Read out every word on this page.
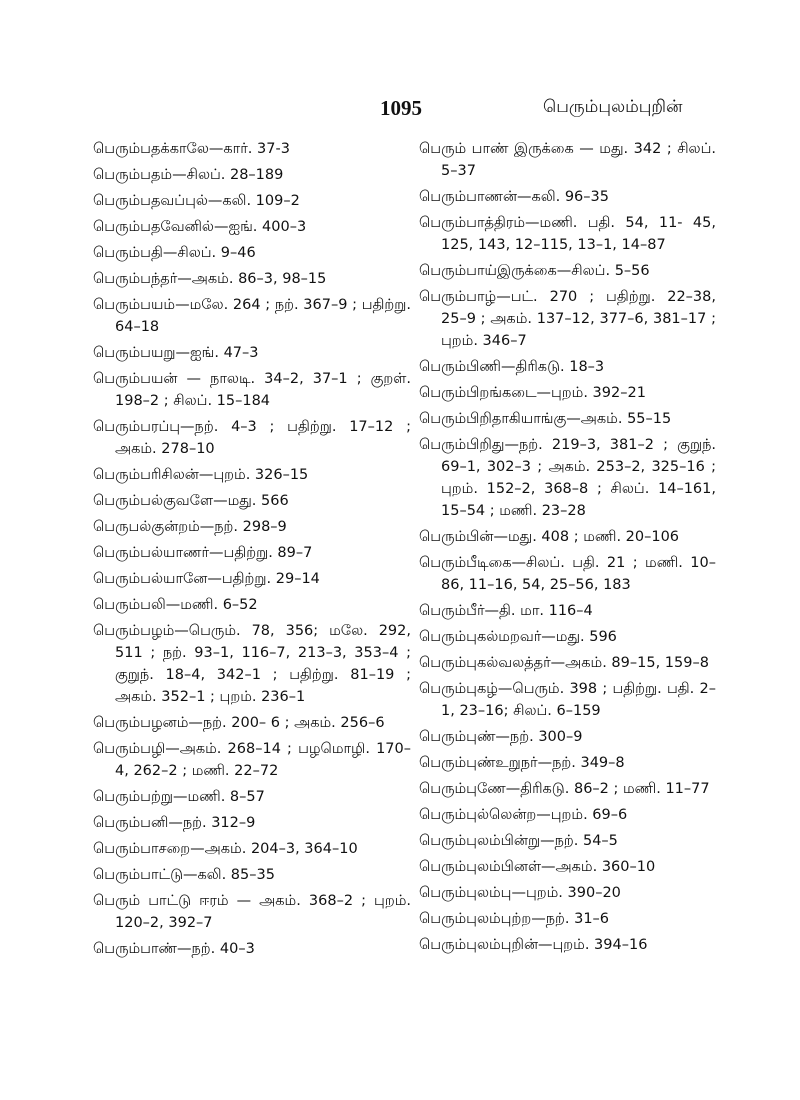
1095	பெரும்புலம்புறின்
பெரும்பதக்காலே—கார். 37-3
பெரும்பதம்—சிலப். 28–189
பெரும்பதவப்புல்—கலி. 109–2
பெரும்பதவேனில்—ஐங். 400–3
பெரும்பதி—சிலப். 9–46
பெரும்பந்தர்—அகம். 86–3, 98–15
பெரும்பயம்—மலே. 264 ; நற். 367–9 ; பதிற்று. 64–18
பெரும்பயறு—ஐங். 47–3
பெரும்பயன் — நாலடி. 34–2, 37–1 ; குறள். 198–2 ; சிலப். 15–184
பெரும்பரப்பு—நற். 4–3 ; பதிற்று. 17–12 ; அகம். 278–10
பெரும்பரிசிலன்—புறம். 326–15
பெரும்பல்குவளே—மது. 566
பெருபல்குன்றம்—நற். 298–9
பெரும்பல்யாணர்—பதிற்று. 89–7
பெரும்பல்யானே—பதிற்று. 29–14
பெரும்பலி—மணி. 6–52
பெரும்பழம்—பெரும். 78, 356; மலே. 292, 511 ; நற். 93–1, 116–7, 213–3, 353–4 ; குறுந். 18–4, 342–1 ; பதிற்று. 81–19 ; அகம். 352–1 ; புறம். 236–1
பெரும்பழனம்—நற். 200– 6 ; அகம். 256–6
பெரும்பழி—அகம். 268–14 ; பழமொழி. 170–4, 262–2 ; மணி. 22–72
பெரும்பற்று—மணி. 8–57
பெரும்பனி—நற். 312–9
பெரும்பாசறை—அகம். 204–3, 364–10
பெரும்பாட்டு—கலி. 85–35
பெரும் பாட்டு ஈரம் — அகம். 368–2 ; புறம். 120–2, 392–7
பெரும்பாண்—நற். 40–3
பெரும் பாண் இருக்கை — மது. 342 ; சிலப். 5–37
பெரும்பாணன்—கலி. 96–35
பெரும்பாத்திரம்—மணி. பதி. 54, 11- 45, 125, 143, 12–115, 13–1, 14–87
பெரும்பாய்இருக்கை—சிலப். 5–56
பெரும்பாழ்—பட். 270 ; பதிற்று. 22–38, 25–9 ; அகம். 137–12, 377–6, 381–17 ; புறம். 346–7
பெரும்பிணி—திரிகடு. 18–3
பெரும்பிறங்கடை—புறம். 392–21
பெரும்பிறிதாகியாங்கு—அகம். 55–15
பெரும்பிறிது—நற். 219–3, 381–2 ; குறுந். 69–1, 302–3 ; அகம். 253–2, 325–16 ; புறம். 152–2, 368–8 ; சிலப். 14–161, 15–54 ; மணி. 23–28
பெரும்பின்—மது. 408 ; மணி. 20–106
பெரும்பீடிகை—சிலப். பதி. 21 ; மணி. 10–86, 11–16, 54, 25–56, 183
பெரும்பீர்—தி. மா. 116–4
பெரும்புகல்மறவர்—மது. 596
பெரும்புகல்வலத்தர்—அகம். 89–15, 159–8
பெரும்புகழ்—பெரும். 398 ; பதிற்று. பதி. 2–1, 23–16; சிலப். 6–159
பெரும்புண்—நற். 300–9
பெரும்புண்உறுநர்—நற். 349–8
பெரும்புணே—திரிகடு. 86–2 ; மணி. 11–77
பெரும்புல்லென்ற—புறம். 69–6
பெரும்புலம்பின்று—நற். 54–5
பெரும்புலம்பினள்—அகம். 360–10
பெரும்புலம்பு—புறம். 390–20
பெரும்புலம்புற்ற—நற். 31–6
பெரும்புலம்புறின்—புறம். 394–16
